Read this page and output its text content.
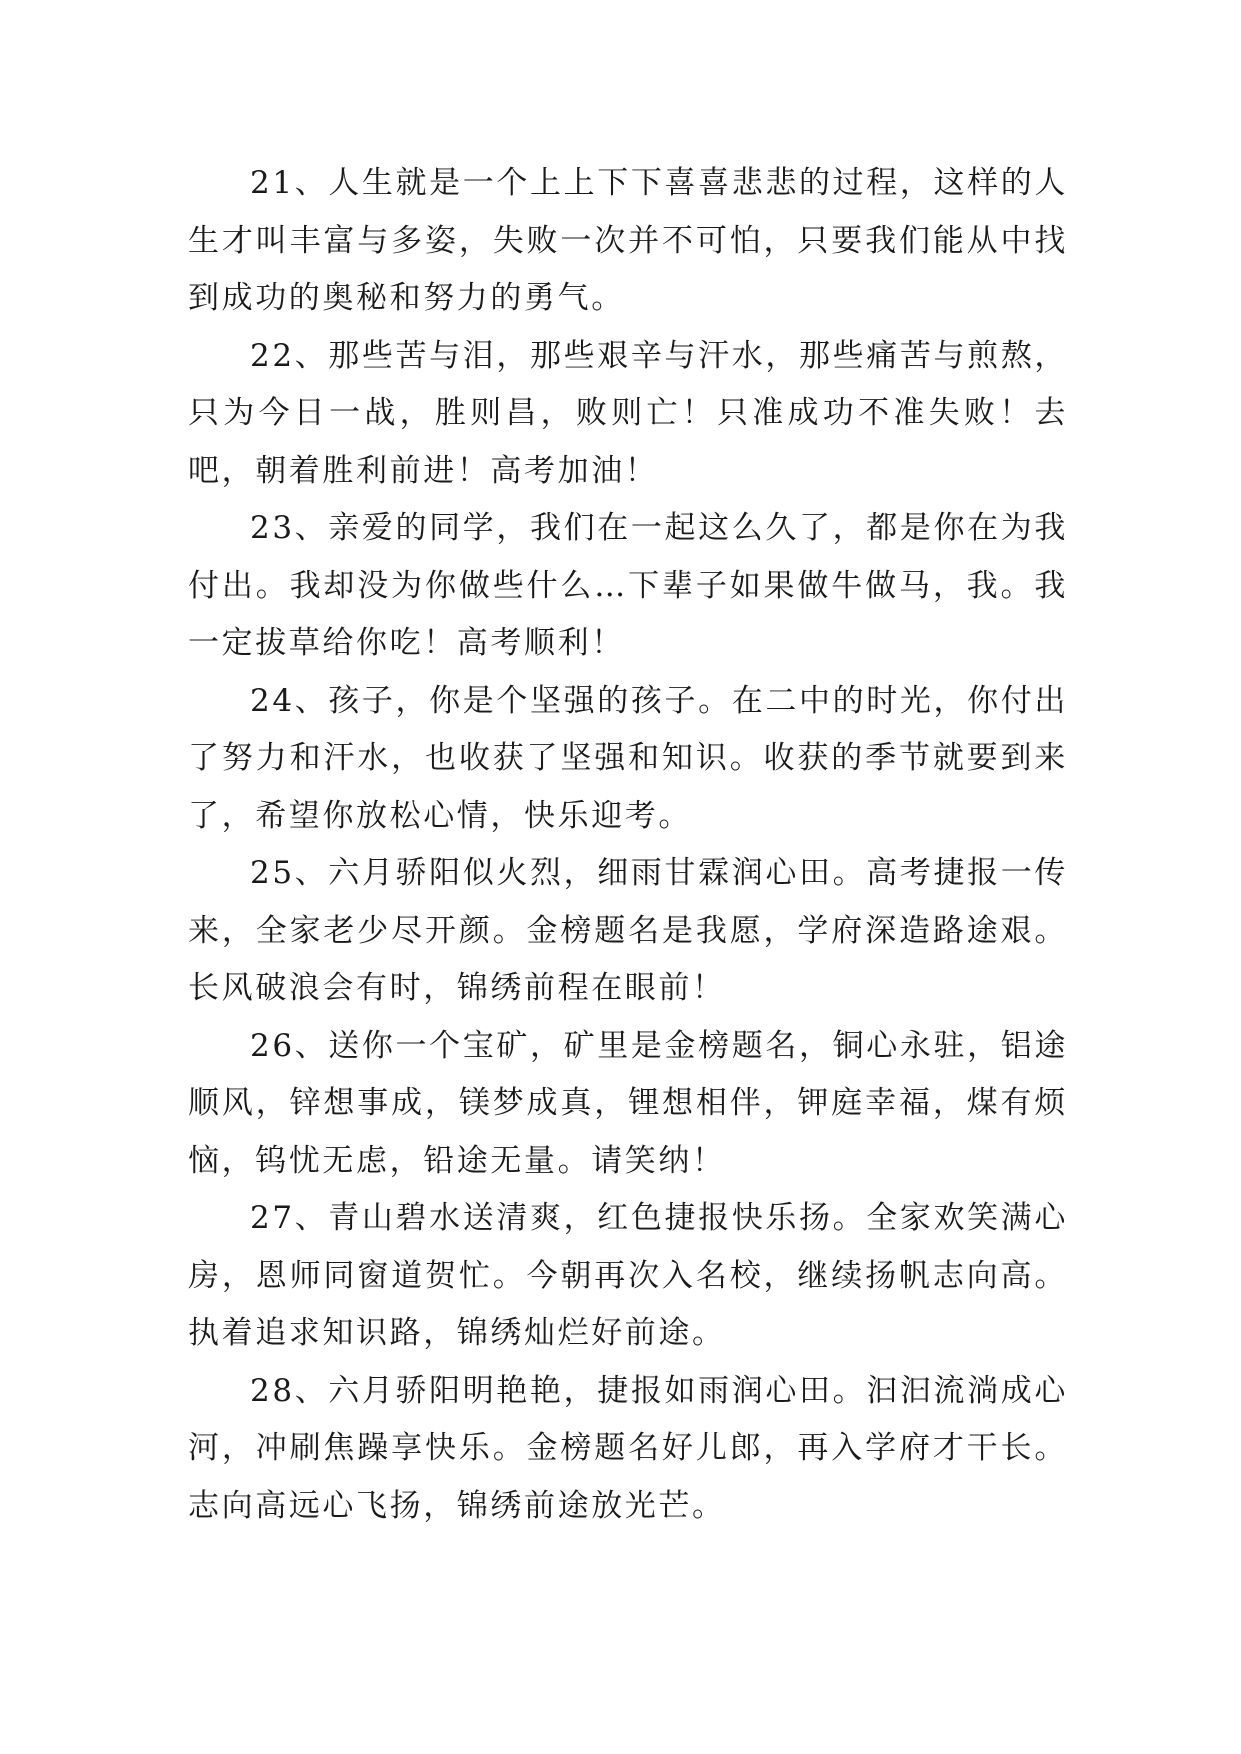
21、人生就是一个上上下下喜喜悲悲的过程，这样的人生才叫丰富与多姿，失败一次并不可怕，只要我们能从中找到成功的奥秘和努力的勇气。

22、那些苦与泪，那些艰辛与汗水，那些痛苦与煎熬，只为今日一战，胜则昌，败则亡！只准成功不准失败！去吧，朝着胜利前进！高考加油！

23、亲爱的同学，我们在一起这么久了，都是你在为我付出。我却没为你做些什么…下辈子如果做牛做马，我。我一定拔草给你吃！高考顺利！

24、孩子，你是个坚强的孩子。在二中的时光，你付出了努力和汗水，也收获了坚强和知识。收获的季节就要到来了，希望你放松心情，快乐迎考。

25、六月骄阳似火烈，细雨甘霖润心田。高考捷报一传来，全家老少尽开颜。金榜题名是我愿，学府深造路途艰。长风破浪会有时，锦绣前程在眼前！

26、送你一个宝矿，矿里是金榜题名，铜心永驻，铝途顺风，锌想事成，镁梦成真，锂想相伴，钾庭幸福，煤有烦恼，钨忧无虑，铅途无量。请笑纳！

27、青山碧水送清爽，红色捷报快乐扬。全家欢笑满心房，恩师同窗道贺忙。今朝再次入名校，继续扬帆志向高。执着追求知识路，锦绣灿烂好前途。

28、六月骄阳明艳艳，捷报如雨润心田。汩汩流淌成心河，冲刷焦躁享快乐。金榜题名好儿郎，再入学府才干长。志向高远心飞扬，锦绣前途放光芒。
